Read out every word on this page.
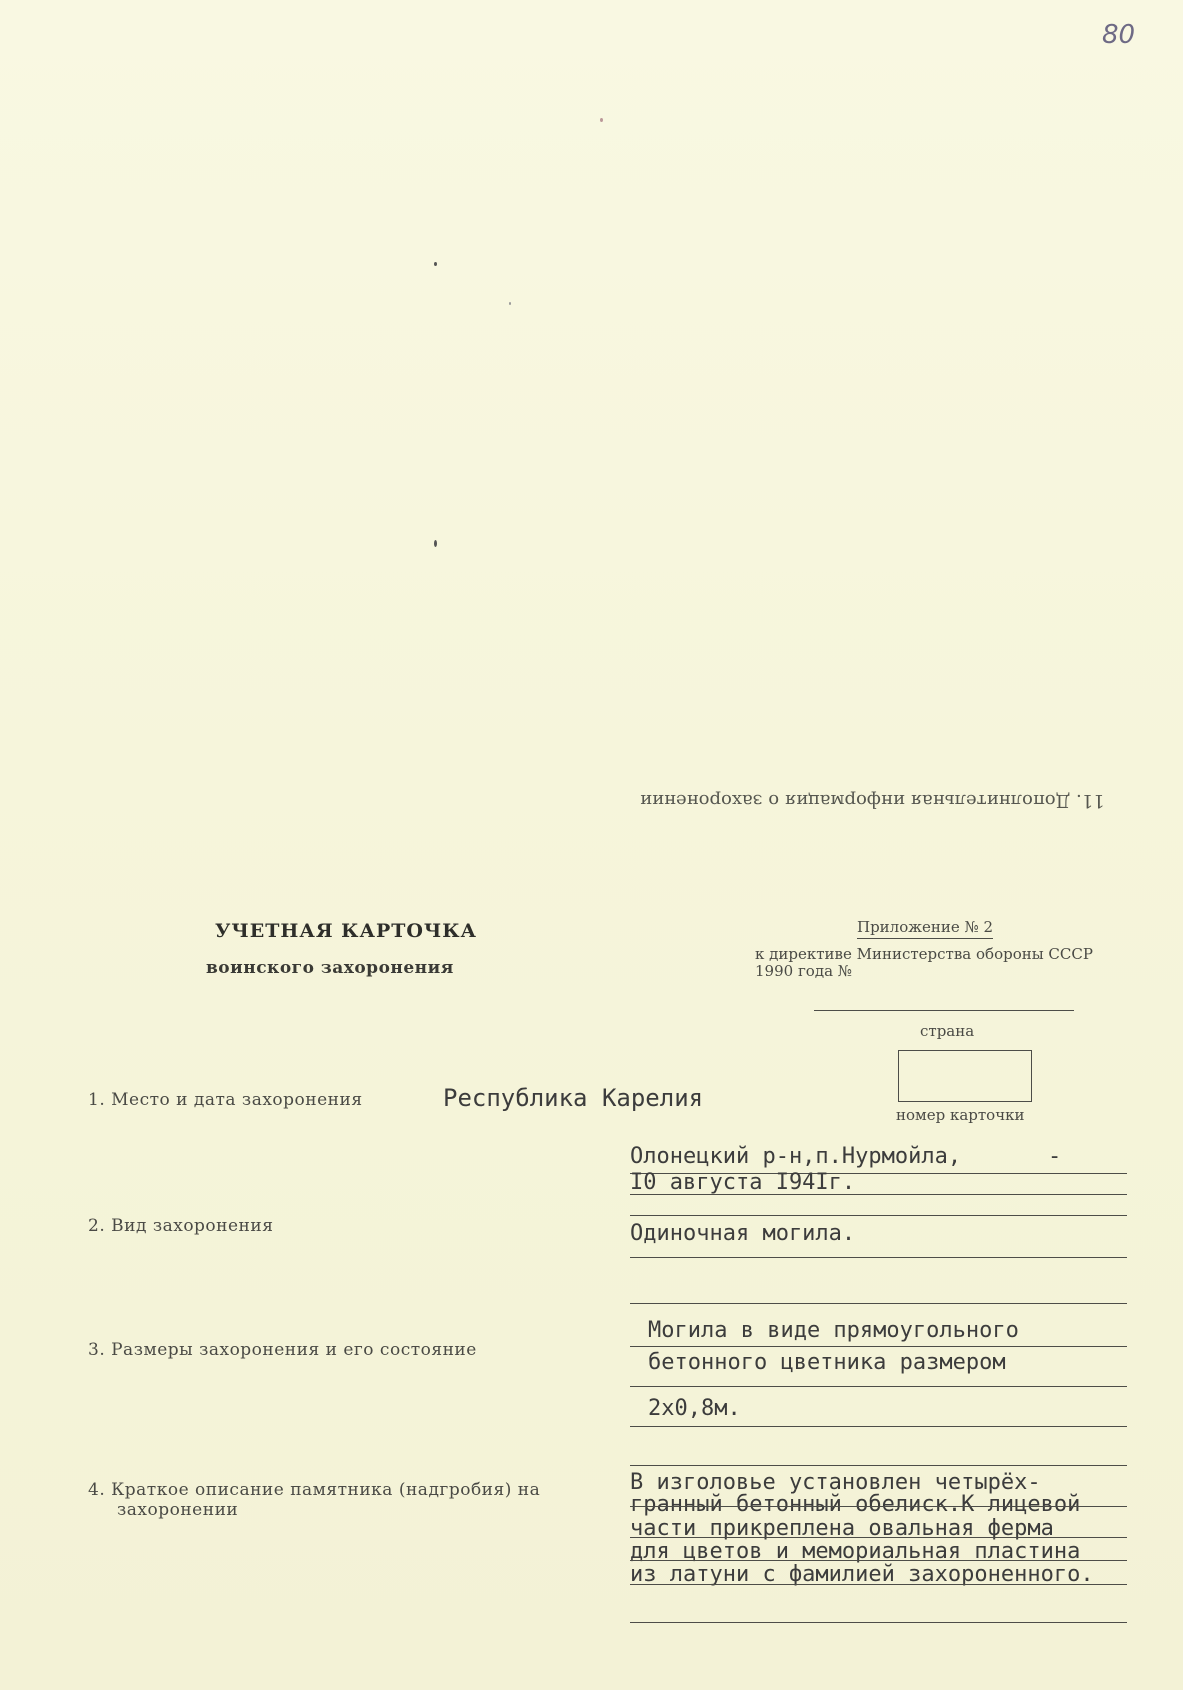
80
11. Дополнительная информация о захоронении
УЧЕТНАЯ КАРТОЧКА
воинского захоронения
Приложение № 2
к директиве Министерства обороны СССР
1990 года №
страна
номер карточки
1. Место и дата захоронения	Республика Карелия
Олонецкий р-н,п.Нурмойла,	-
I0 августа I94Iг.
2. Вид захоронения	Одиночная могила.
3. Размеры захоронения и его состояние
Могила в виде прямоугольного
бетонного цветника размером
2х0,8м.
4. Краткое описание памятника (надгробия) на
захоронении
В изголовье установлен четырёх-
гранный бетонный обелиск.К лицевой
части прикреплена овальная ферма
для цветов и мемориальная пластина
из латуни с фамилией захороненного.
